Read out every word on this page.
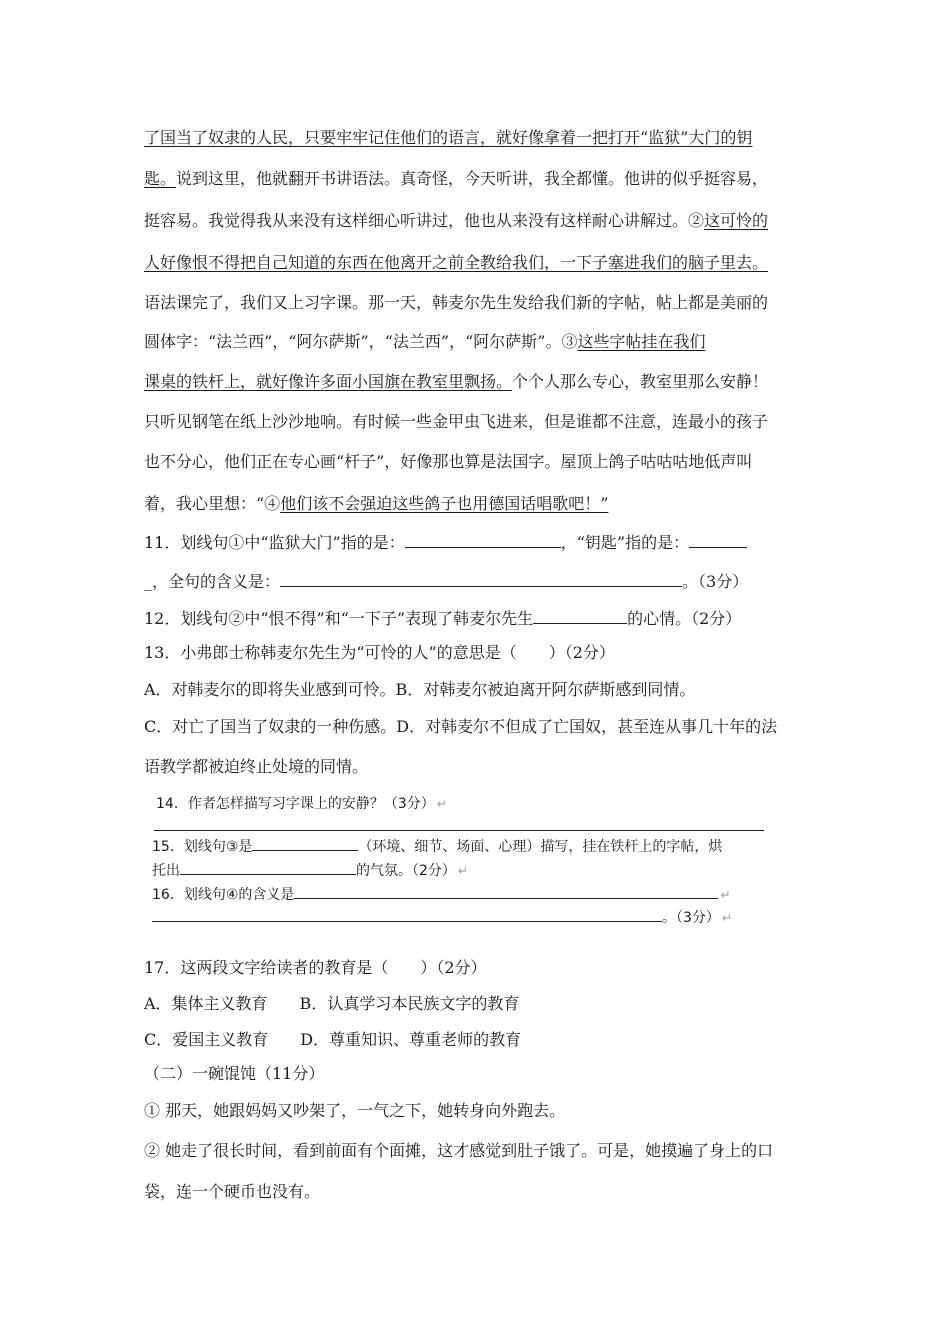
了国当了奴隶的人民，只要牢牢记住他们的语言，就好像拿着一把打开“监狱”大门的钥
匙。说到这里，他就翻开书讲语法。真奇怪，今天听讲，我全都懂。他讲的似乎挺容易，
挺容易。我觉得我从来没有这样细心听讲过，他也从来没有这样耐心讲解过。②这可怜的
人好像恨不得把自己知道的东西在他离开之前全教给我们，一下子塞进我们的脑子里去。
语法课完了，我们又上习字课。那一天，韩麦尔先生发给我们新的字帖，帖上都是美丽的
圆体字：“法兰西”，“阿尔萨斯”，“法兰西”，“阿尔萨斯”。③这些字帖挂在我们
课桌的铁杆上，就好像许多面小国旗在教室里飘扬。个个人那么专心，教室里那么安静！
只听见钢笔在纸上沙沙地响。有时候一些金甲虫飞进来，但是谁都不注意，连最小的孩子
也不分心，他们正在专心画“杆子”，好像那也算是法国字。屋顶上鸽子咕咕咕地低声叫
着，我心里想：“④他们该不会强迫这些鸽子也用德国话唱歌吧！”
11．划线句①中“监狱大门”指的是：	，“钥匙”指的是：
_，全句的含义是：	。（3分）
12．划线句②中“恨不得”和“一下子”表现了韩麦尔先生	的心情。（2分）
13．小弗郎士称韩麦尔先生为“可怜的人”的意思是（　　）（2分）
A．对韩麦尔的即将失业感到可怜。B．对韩麦尔被迫离开阿尔萨斯感到同情。
C．对亡了国当了奴隶的一种伤感。D．对韩麦尔不但成了亡国奴，甚至连从事几十年的法
语教学都被迫终止处境的同情。
14．作者怎样描写习字课上的安静？（3分） ↵
15．划线句③是	（环境、细节、场面、心理）描写，挂在铁杆上的字帖，烘
托出	的气氛。（2分） ↵
16．划线句④的含义是	↵
。（3分） ↵
17．这两段文字给读者的教育是（　　）（2分）
A．集体主义教育　　B．认真学习本民族文字的教育
C．爱国主义教育　　D．尊重知识、尊重老师的教育
（二）一碗馄饨（11分）
① 那天，她跟妈妈又吵架了，一气之下，她转身向外跑去。
② 她走了很长时间，看到前面有个面摊，这才感觉到肚子饿了。可是，她摸遍了身上的口
袋，连一个硬币也没有。
